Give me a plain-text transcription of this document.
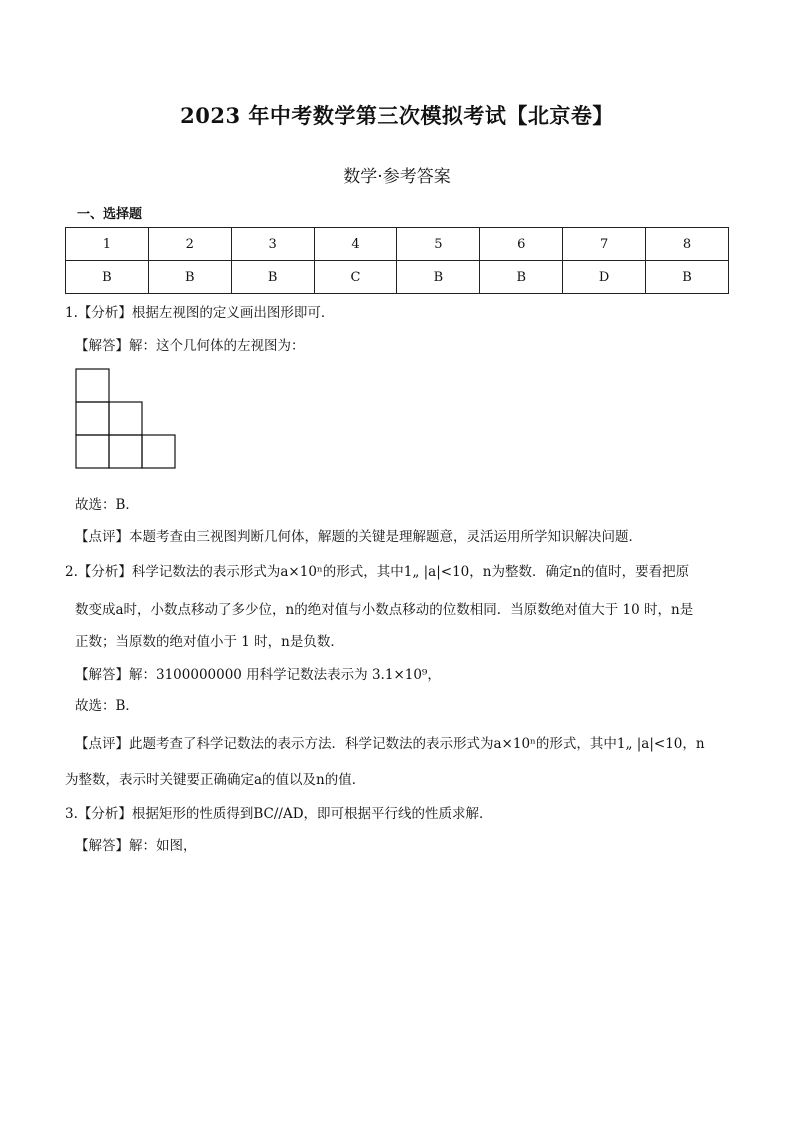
2023 年中考数学第三次模拟考试【北京卷】
数学·参考答案
一、选择题
1	2	3	4	5	6	7	8
B	B	B	C	B	B	D	B
1.【分析】根据左视图的定义画出图形即可．
【解答】解：这个几何体的左视图为：
故选：B．
【点评】本题考查由三视图判断几何体，解题的关键是理解题意，灵活运用所学知识解决问题．
2.【分析】科学记数法的表示形式为a×10ⁿ的形式，其中1„ |a|<10，n为整数．确定n的值时，要看把原
数变成a时，小数点移动了多少位，n的绝对值与小数点移动的位数相同．当原数绝对值大于 10 时，n是
正数；当原数的绝对值小于 1 时，n是负数．
【解答】解：3100000000 用科学记数法表示为 3.1×10⁹，
故选：B．
【点评】此题考查了科学记数法的表示方法．科学记数法的表示形式为a×10ⁿ的形式，其中1„ |a|<10，n
为整数，表示时关键要正确确定a的值以及n的值．
3.【分析】根据矩形的性质得到BC//AD，即可根据平行线的性质求解．
【解答】解：如图，
